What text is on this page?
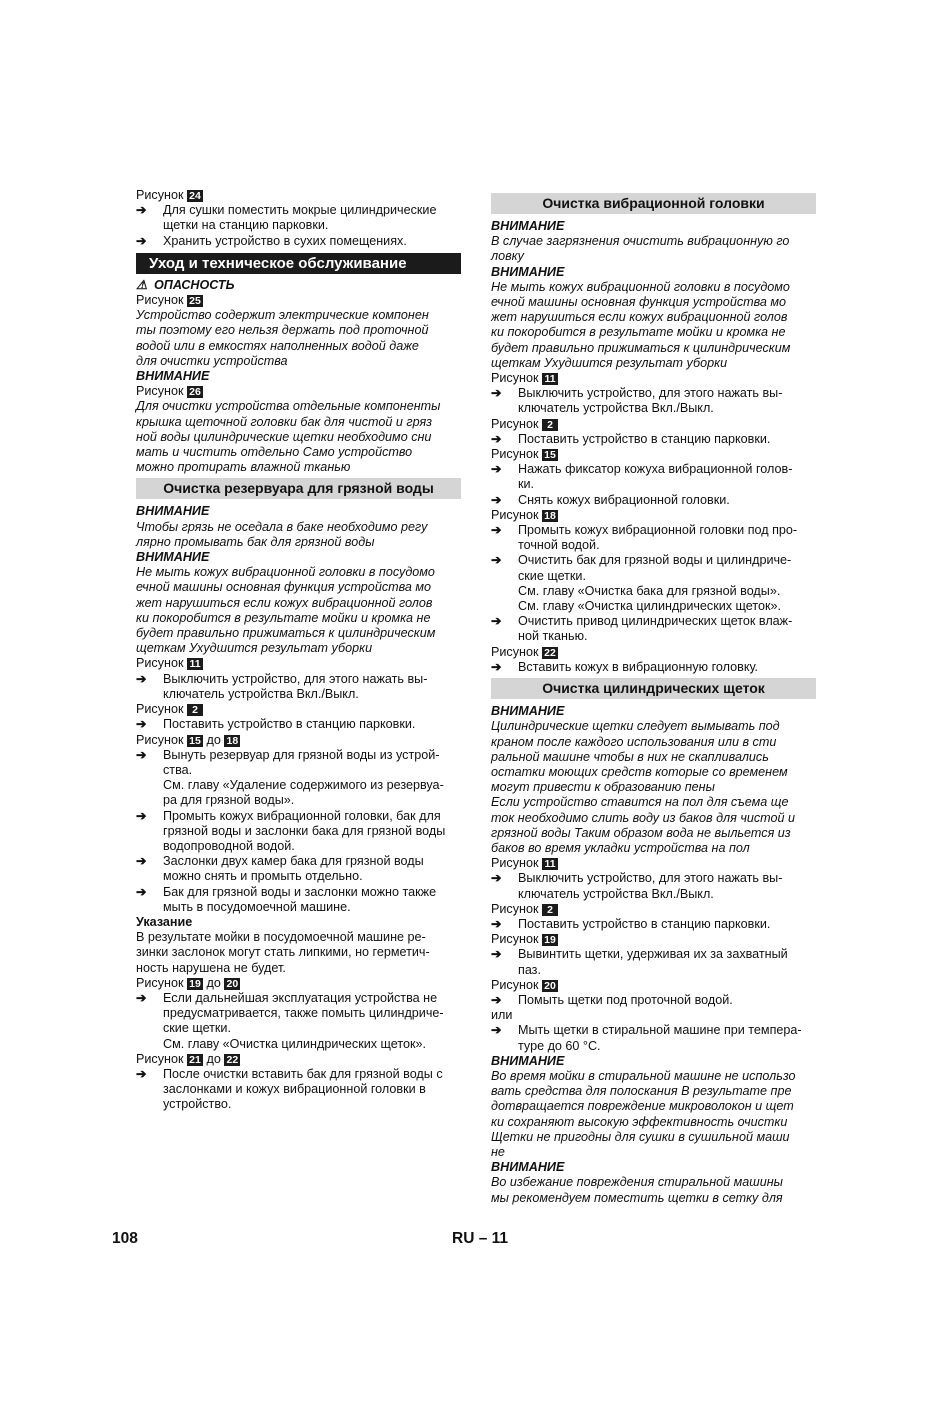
Рисунок 24
➔ Для сушки поместить мокрые цилиндрические
щетки на станцию парковки.
➔ Хранить устройство в сухих помещениях.
Уход и техническое обслуживание
⚠ ОПАСНОСТЬ
Рисунок 25
Устройство содержит электрические компонен
ты поэтому его нельзя держать под проточной
водой или в емкостях наполненных водой даже
для очистки устройства
ВНИМАНИЕ
Рисунок 26
Для очистки устройства отдельные компоненты
крышка щеточной головки бак для чистой и гряз
ной воды цилиндрические щетки необходимо сни
мать и чистить отдельно Само устройство
можно протирать влажной тканью
Очистка резервуара для грязной воды
ВНИМАНИЕ
Чтобы грязь не оседала в баке необходимо регу
лярно промывать бак для грязной воды
ВНИМАНИЕ
Не мыть кожух вибрационной головки в посудомо
ечной машины основная функция устройства мо
жет нарушиться если кожух вибрационной голов
ки покоробится в результате мойки и кромка не
будет правильно прижиматься к цилиндрическим
щеткам Ухудшится результат уборки
Рисунок 11
➔ Выключить устройство, для этого нажать вы-
ключатель устройства Вкл./Выкл.
Рисунок 2
➔ Поставить устройство в станцию парковки.
Рисунок 15 до 18
➔ Вынуть резервуар для грязной воды из устрой-
ства.
См. главу «Удаление содержимого из резервуа-
ра для грязной воды».
➔ Промыть кожух вибрационной головки, бак для
грязной воды и заслонки бака для грязной воды
водопроводной водой.
➔ Заслонки двух камер бака для грязной воды
можно снять и промыть отдельно.
➔ Бак для грязной воды и заслонки можно также
мыть в посудомоечной машине.
Указание
В результате мойки в посудомоечной машине ре-
зинки заслонок могут стать липкими, но герметич-
ность нарушена не будет.
Рисунок 19 до 20
➔ Если дальнейшая эксплуатация устройства не
предусматривается, также помыть цилиндриче-
ские щетки.
См. главу «Очистка цилиндрических щеток».
Рисунок 21 до 22
➔ После очистки вставить бак для грязной воды с
заслонками и кожух вибрационной головки в
устройство.
Очистка вибрационной головки
ВНИМАНИЕ
В случае загрязнения очистить вибрационную го
ловку
ВНИМАНИЕ
Не мыть кожух вибрационной головки в посудомо
ечной машины основная функция устройства мо
жет нарушиться если кожух вибрационной голов
ки покоробится в результате мойки и кромка не
будет правильно прижиматься к цилиндрическим
щеткам Ухудшится результат уборки
Рисунок 11
➔ Выключить устройство, для этого нажать вы-
ключатель устройства Вкл./Выкл.
Рисунок 2
➔ Поставить устройство в станцию парковки.
Рисунок 15
➔ Нажать фиксатор кожуха вибрационной голов-
ки.
➔ Снять кожух вибрационной головки.
Рисунок 18
➔ Промыть кожух вибрационной головки под про-
точной водой.
➔ Очистить бак для грязной воды и цилиндриче-
ские щетки.
См. главу «Очистка бака для грязной воды».
См. главу «Очистка цилиндрических щеток».
➔ Очистить привод цилиндрических щеток влаж-
ной тканью.
Рисунок 22
➔ Вставить кожух в вибрационную головку.
Очистка цилиндрических щеток
ВНИМАНИЕ
Цилиндрические щетки следует вымывать под
краном после каждого использования или в сти
ральной машине чтобы в них не скапливались
остатки моющих средств которые со временем
могут привести к образованию пены
Если устройство ставится на пол для съема ще
ток необходимо слить воду из баков для чистой и
грязной воды Таким образом вода не выльется из
баков во время укладки устройства на пол
Рисунок 11
➔ Выключить устройство, для этого нажать вы-
ключатель устройства Вкл./Выкл.
Рисунок 2
➔ Поставить устройство в станцию парковки.
Рисунок 19
➔ Вывинтить щетки, удерживая их за захватный
паз.
Рисунок 20
➔ Помыть щетки под проточной водой.
или
➔ Мыть щетки в стиральной машине при темпера-
туре до 60 °C.
ВНИМАНИЕ
Во время мойки в стиральной машине не использо
вать средства для полоскания В результате пре
дотвращается повреждение микроволокон и щет
ки сохраняют высокую эффективность очистки
Щетки не пригодны для сушки в сушильной маши
не
ВНИМАНИЕ
Во избежание повреждения стиральной машины
мы рекомендуем поместить щетки в сетку для
108	RU – 11
